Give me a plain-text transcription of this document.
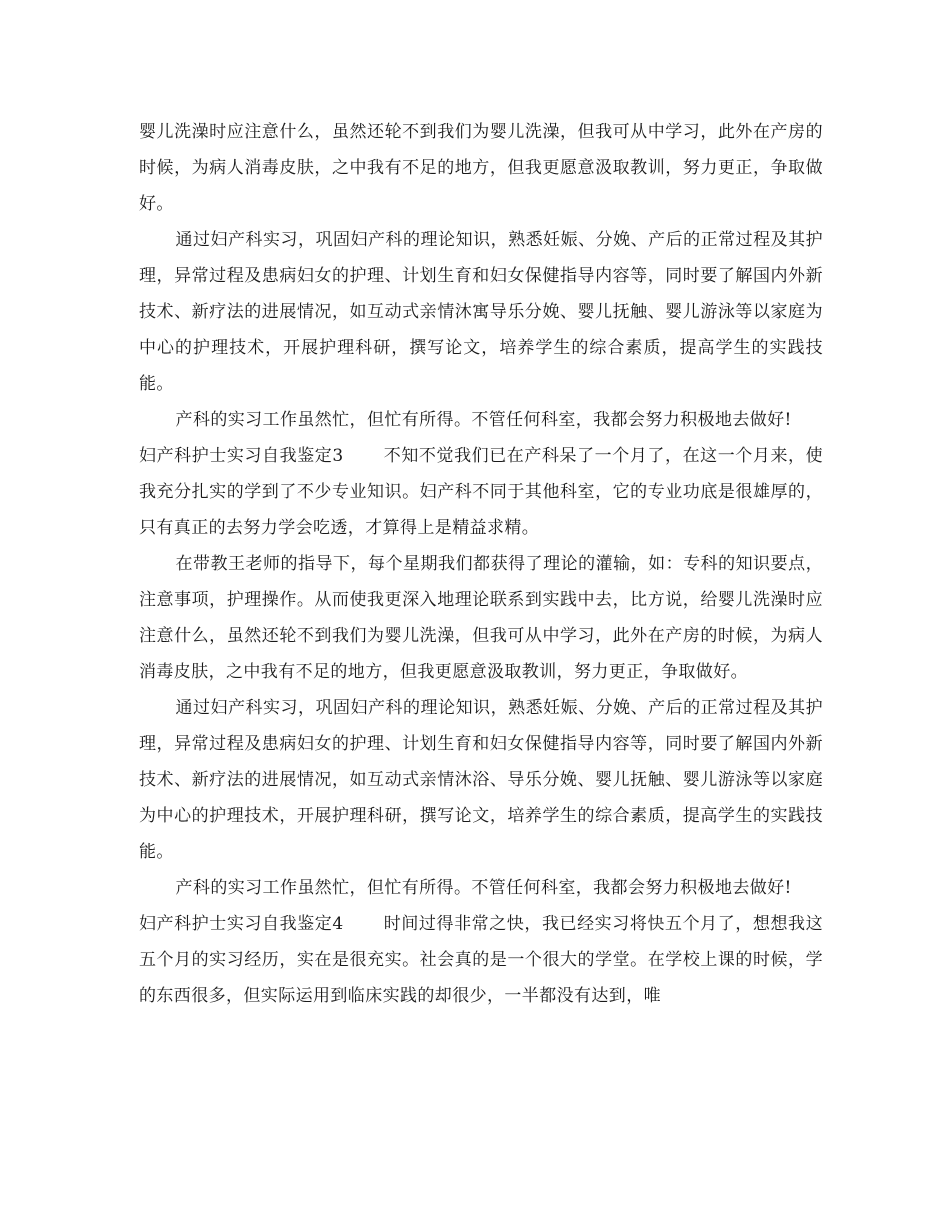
婴儿洗澡时应注意什么，虽然还轮不到我们为婴儿洗澡，但我可从中学习，此外在产房的时候，为病人消毒皮肤，之中我有不足的地方，但我更愿意汲取教训，努力更正，争取做好。

通过妇产科实习，巩固妇产科的理论知识，熟悉妊娠、分娩、产后的正常过程及其护理，异常过程及患病妇女的护理、计划生育和妇女保健指导内容等，同时要了解国内外新技术、新疗法的进展情况，如互动式亲情沐寓导乐分娩、婴儿抚触、婴儿游泳等以家庭为中心的护理技术，开展护理科研，撰写论文，培养学生的综合素质，提高学生的实践技能。

产科的实习工作虽然忙，但忙有所得。不管任何科室，我都会努力积极地去做好!

妇产科护士实习自我鉴定3 不知不觉我们已在产科呆了一个月了，在这一个月来，使我充分扎实的学到了不少专业知识。妇产科不同于其他科室，它的专业功底是很雄厚的，只有真正的去努力学会吃透，才算得上是精益求精。

在带教王老师的指导下，每个星期我们都获得了理论的灌输，如：专科的知识要点，注意事项，护理操作。从而使我更深入地理论联系到实践中去，比方说，给婴儿洗澡时应注意什么，虽然还轮不到我们为婴儿洗澡，但我可从中学习，此外在产房的时候，为病人消毒皮肤，之中我有不足的地方，但我更愿意汲取教训，努力更正，争取做好。

通过妇产科实习，巩固妇产科的理论知识，熟悉妊娠、分娩、产后的正常过程及其护理，异常过程及患病妇女的护理、计划生育和妇女保健指导内容等，同时要了解国内外新技术、新疗法的进展情况，如互动式亲情沐浴、导乐分娩、婴儿抚触、婴儿游泳等以家庭为中心的护理技术，开展护理科研，撰写论文，培养学生的综合素质，提高学生的实践技能。

产科的实习工作虽然忙，但忙有所得。不管任何科室，我都会努力积极地去做好!

妇产科护士实习自我鉴定4 时间过得非常之快，我已经实习将快五个月了，想想我这五个月的实习经历，实在是很充实。社会真的是一个很大的学堂。在学校上课的时候，学的东西很多，但实际运用到临床实践的却很少，一半都没有达到，唯
